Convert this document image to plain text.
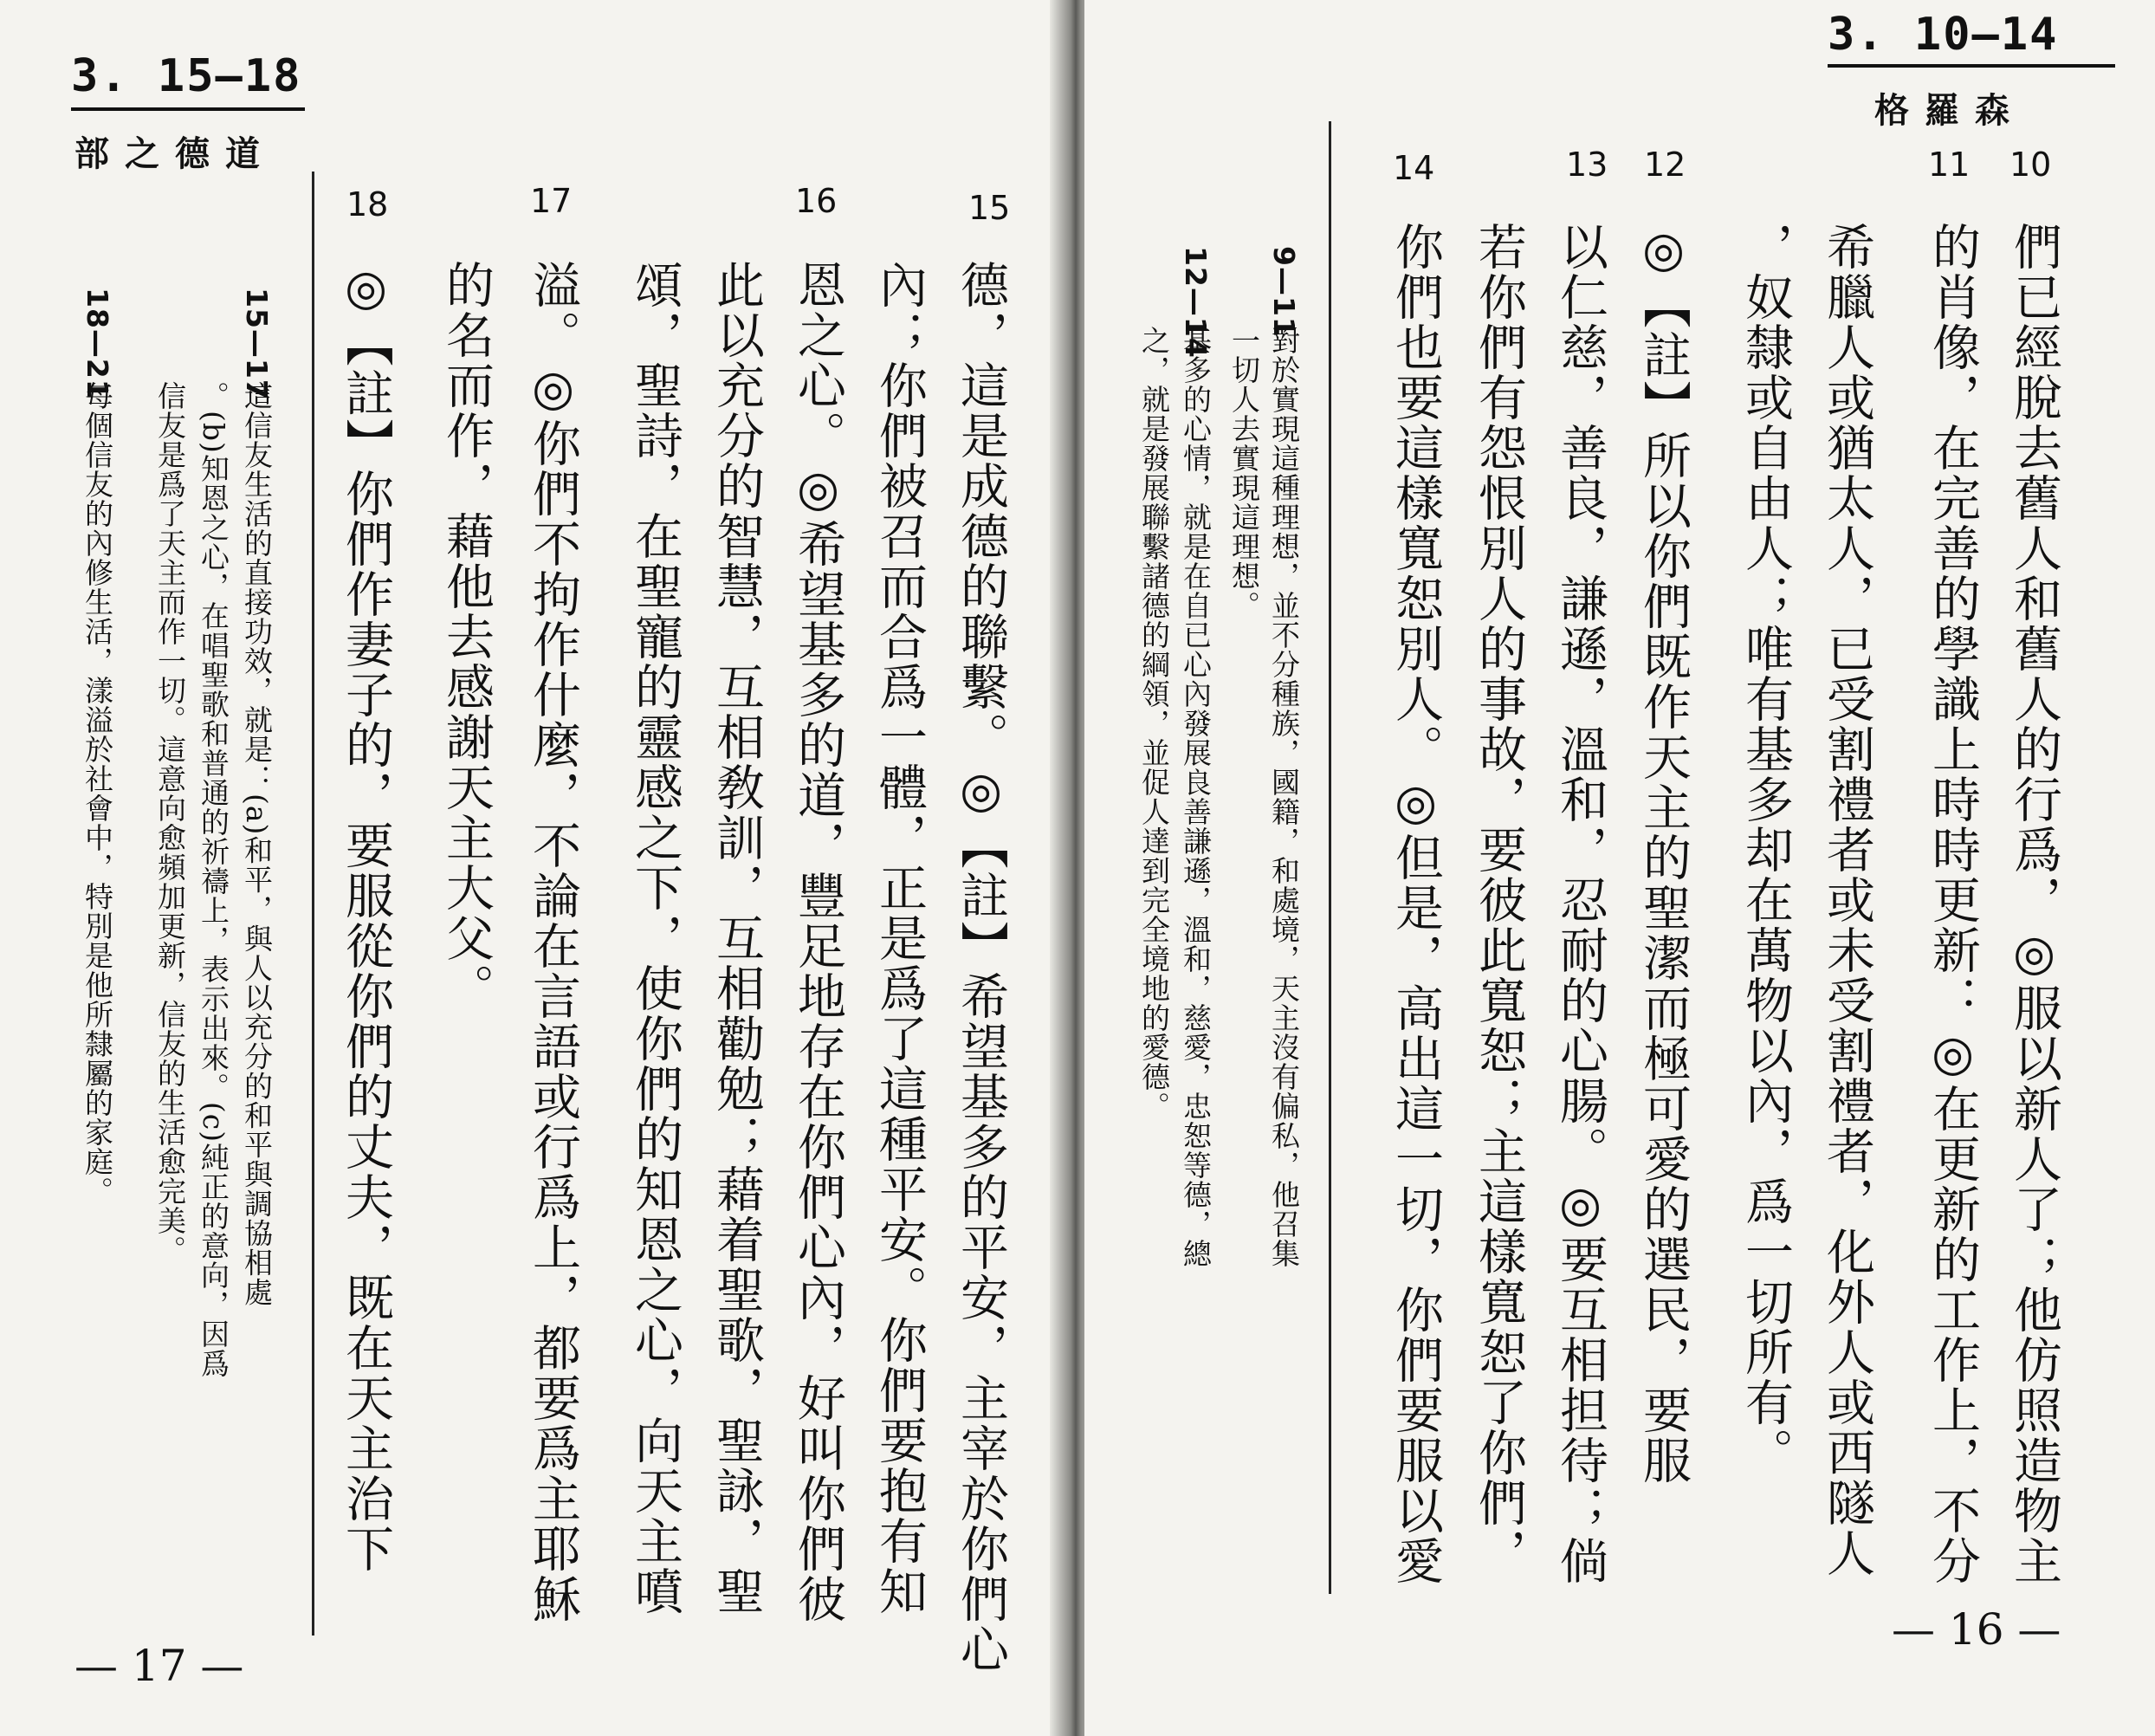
3. 15—18
部之德道
15
16
17
18
德，這是成德的聯繫。◎【註】希望基多的平安，主宰於你們心
內；你們被召而合爲一體，正是爲了這種平安。你們要抱有知
恩之心。◎希望基多的道，豐足地存在你們心內，好叫你們彼
此以充分的智慧，互相敎訓，互相勸勉；藉着聖歌，聖詠，聖
頌，聖詩，在聖寵的靈感之下，使你們的知恩之心，向天主噴
溢。◎你們不拘作什麼，不論在言語或行爲上，都要爲主耶穌
的名而作，藉他去感謝天主大父。
◎【註】你們作妻子的，要服從你們的丈夫，既在天主治下
15—17
這信友生活的直接功效，就是：(a)和平，與人以充分的和平與調協相處
。(b)知恩之心，在唱聖歌和普通的祈禱上，表示出來。(c)純正的意向，因爲
信友是爲了天主而作一切。這意向愈頻加更新，信友的生活愈完美。
18—21
每個信友的內修生活，漾溢於社會中，特別是他所隸屬的家庭。
— 17 —
3. 10—14
格羅森
10
11
12
13
14
們已經脫去舊人和舊人的行爲，◎服以新人了；他仿照造物主
的肖像，在完善的學識上時時更新：◎在更新的工作上，不分
希臘人或猶太人，已受割禮者或未受割禮者，化外人或西隧人
，奴隸或自由人；唯有基多却在萬物以內，爲一切所有。
◎【註】所以你們既作天主的聖潔而極可愛的選民，要服
以仁慈，善良，謙遜，溫和，忍耐的心腸。◎要互相担待；倘
若你們有怨恨別人的事故，要彼此寬恕；主這樣寬恕了你們，
你們也要這樣寬恕別人。◎但是，高出這一切，你們要服以愛
9—11
對於實現這種理想，並不分種族，國籍，和處境，天主沒有偏私，他召集
一切人去實現這理想。
12—14
基多的心情，就是在自已心內發展良善謙遜，溫和，慈愛，忠恕等德，總
之，就是發展聯繫諸德的綱領，並促人達到完全境地的愛德。
— 16 —
